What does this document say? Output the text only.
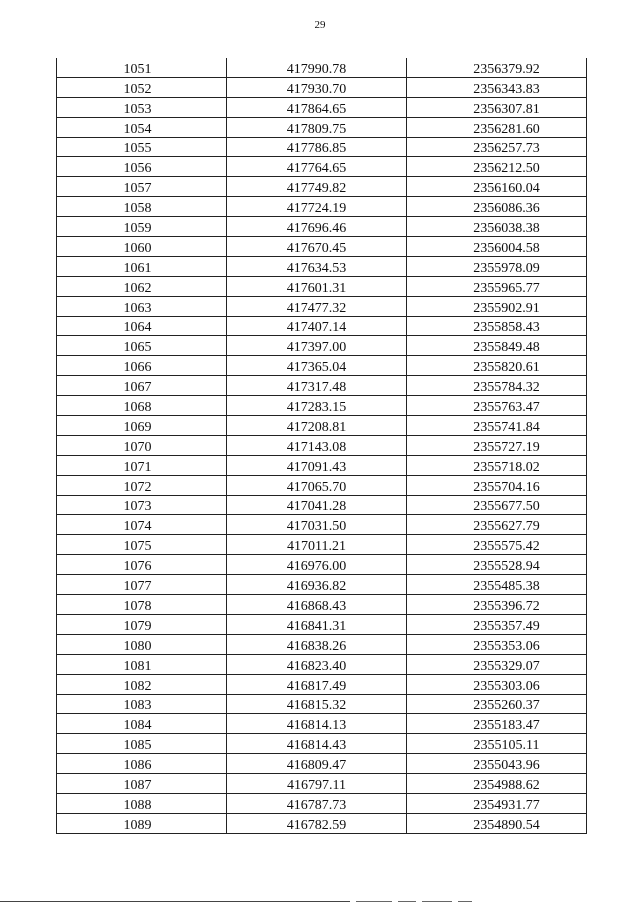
29
1051	417990.78	2356379.92
1052	417930.70	2356343.83
1053	417864.65	2356307.81
1054	417809.75	2356281.60
1055	417786.85	2356257.73
1056	417764.65	2356212.50
1057	417749.82	2356160.04
1058	417724.19	2356086.36
1059	417696.46	2356038.38
1060	417670.45	2356004.58
1061	417634.53	2355978.09
1062	417601.31	2355965.77
1063	417477.32	2355902.91
1064	417407.14	2355858.43
1065	417397.00	2355849.48
1066	417365.04	2355820.61
1067	417317.48	2355784.32
1068	417283.15	2355763.47
1069	417208.81	2355741.84
1070	417143.08	2355727.19
1071	417091.43	2355718.02
1072	417065.70	2355704.16
1073	417041.28	2355677.50
1074	417031.50	2355627.79
1075	417011.21	2355575.42
1076	416976.00	2355528.94
1077	416936.82	2355485.38
1078	416868.43	2355396.72
1079	416841.31	2355357.49
1080	416838.26	2355353.06
1081	416823.40	2355329.07
1082	416817.49	2355303.06
1083	416815.32	2355260.37
1084	416814.13	2355183.47
1085	416814.43	2355105.11
1086	416809.47	2355043.96
1087	416797.11	2354988.62
1088	416787.73	2354931.77
1089	416782.59	2354890.54
